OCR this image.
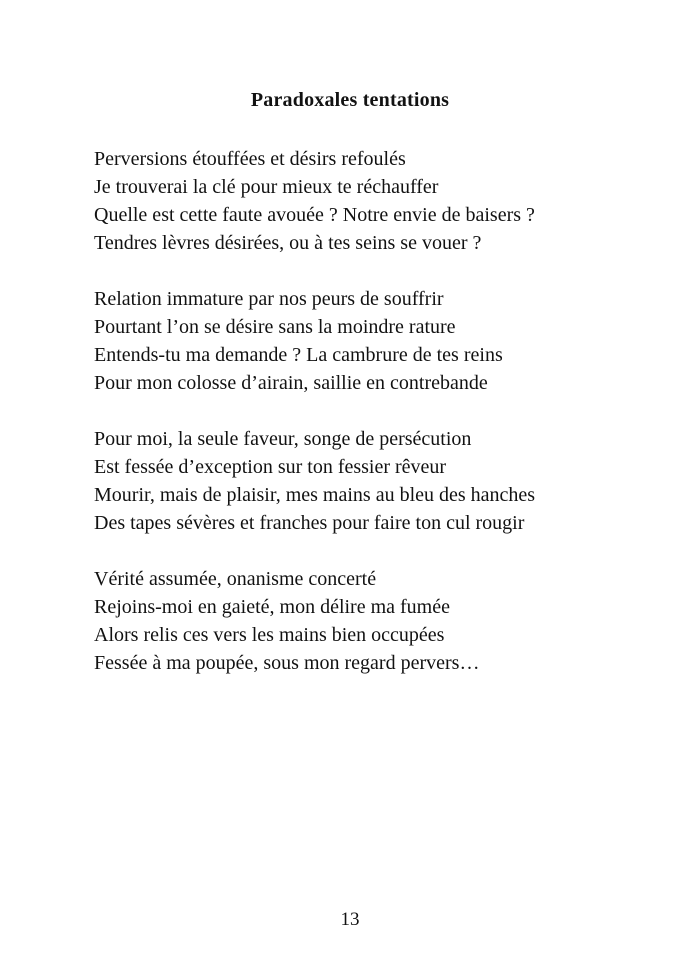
Paradoxales tentations

Perversions étouffées et désirs refoulés

Je trouverai la clé pour mieux te réchauffer

Quelle est cette faute avouée ? Notre envie de baisers ?

Tendres lèvres désirées, ou à tes seins se vouer ?

Relation immature par nos peurs de souffrir

Pourtant l’on se désire sans la moindre rature

Entends-tu ma demande ? La cambrure de tes reins

Pour mon colosse d’airain, saillie en contrebande

Pour moi, la seule faveur, songe de persécution

Est fessée d’exception sur ton fessier rêveur

Mourir, mais de plaisir, mes mains au bleu des hanches

Des tapes sévères et franches pour faire ton cul rougir

Vérité assumée, onanisme concerté

Rejoins-moi en gaieté, mon délire ma fumée

Alors relis ces vers les mains bien occupées

Fessée à ma poupée, sous mon regard pervers…

13
